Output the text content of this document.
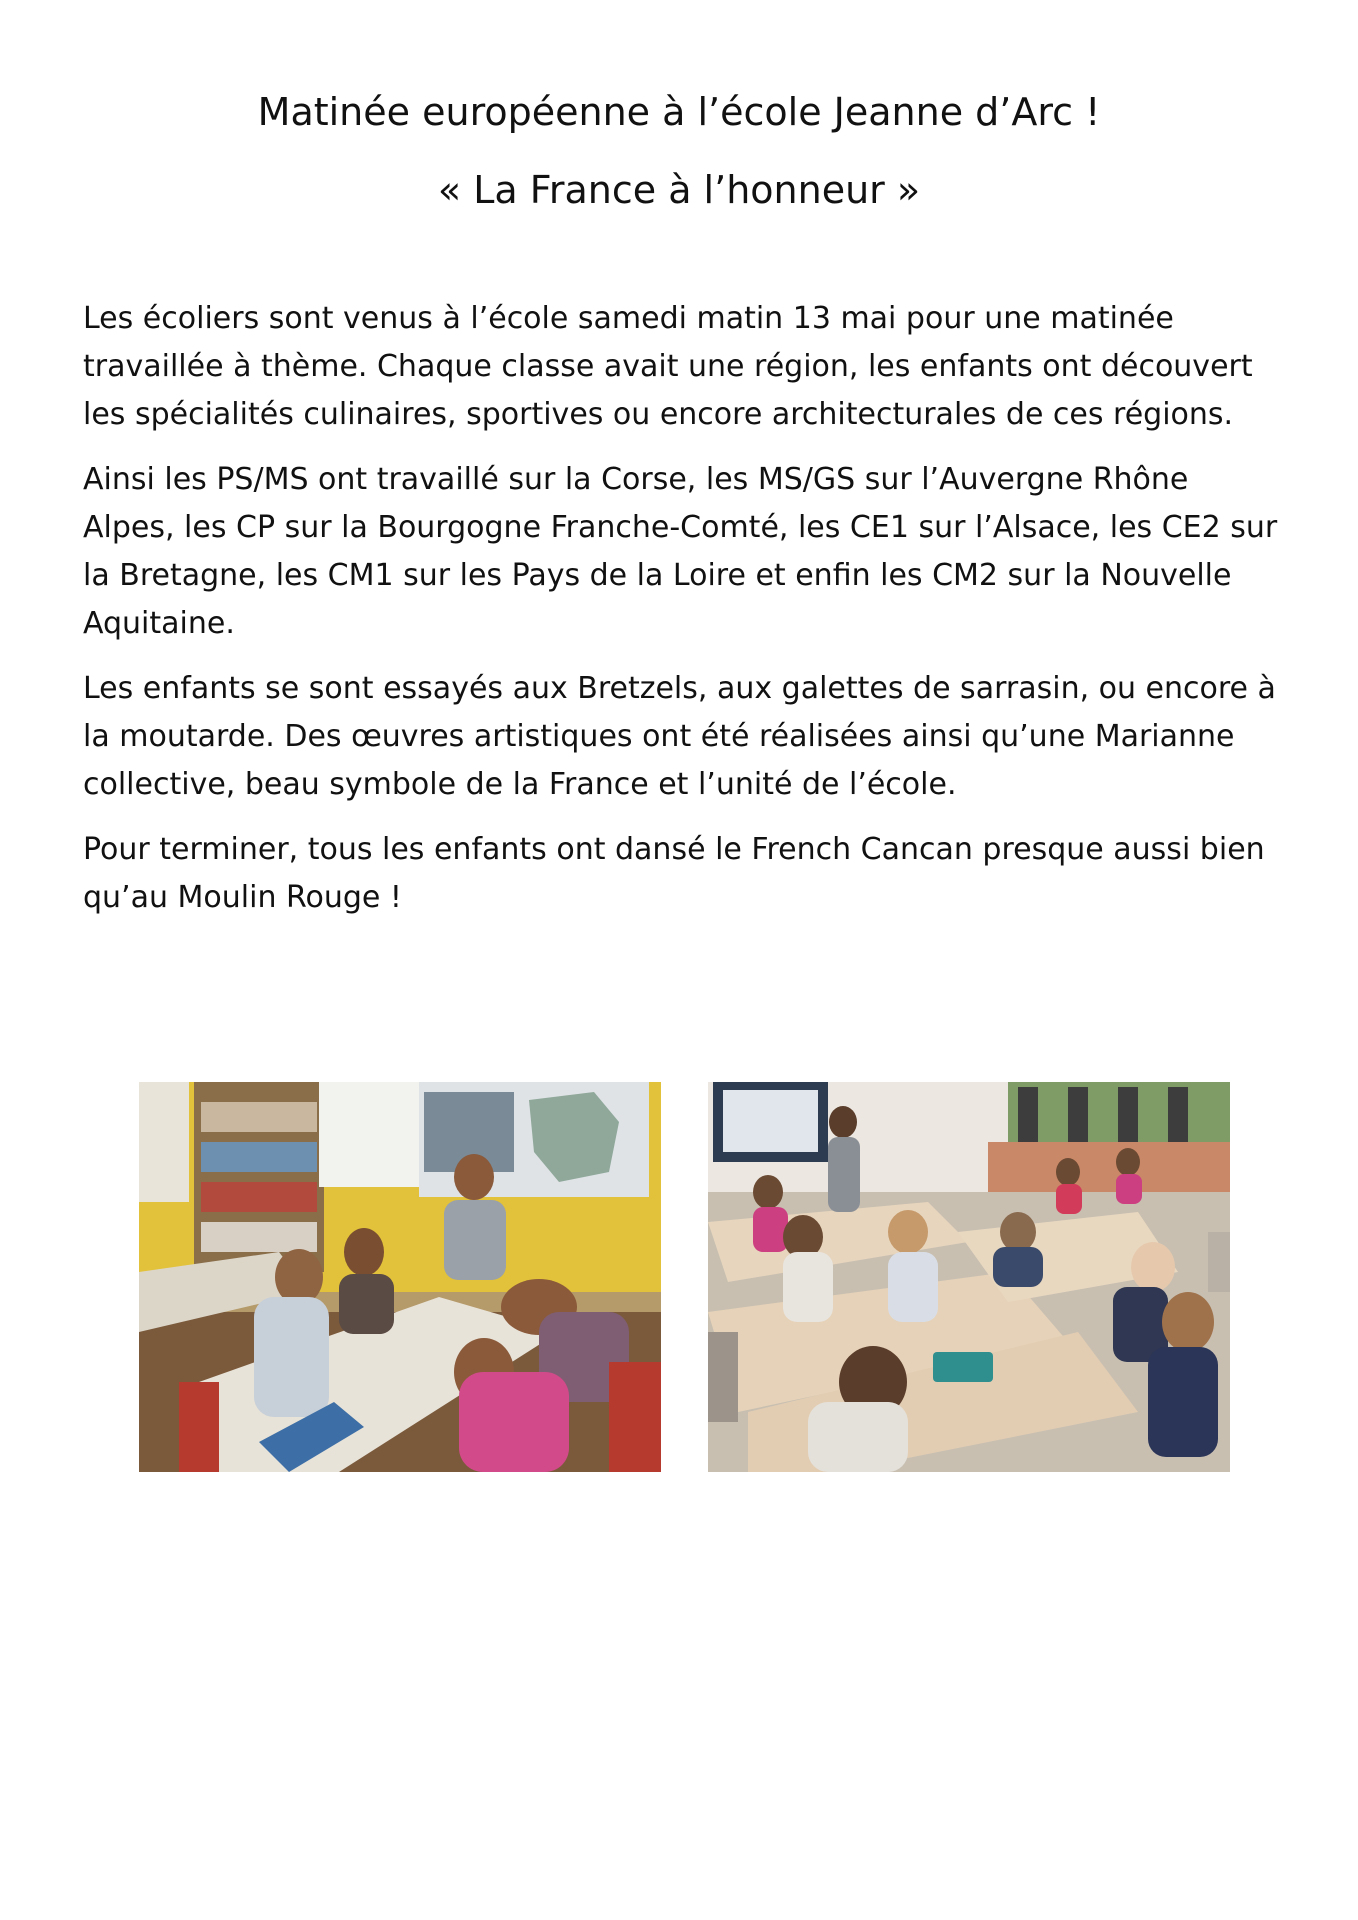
Matinée européenne à l’école Jeanne d’Arc !
« La France à l’honneur »

Les écoliers sont venus à l’école samedi matin 13 mai pour une matinée travaillée à thème. Chaque classe avait une région, les enfants ont découvert les spécialités culinaires, sportives ou encore architecturales de ces régions.

Ainsi les PS/MS ont travaillé sur la Corse, les MS/GS sur l’Auvergne Rhône Alpes, les CP sur la Bourgogne Franche-Comté, les CE1 sur l’Alsace, les CE2 sur la Bretagne, les CM1 sur les Pays de la Loire et enfin les CM2 sur la Nouvelle Aquitaine.

Les enfants se sont essayés aux Bretzels, aux galettes de sarrasin, ou encore à la moutarde. Des œuvres artistiques ont été réalisées ainsi qu’une Marianne collective, beau symbole de la France et l’unité de l’école.

Pour terminer, tous les enfants ont dansé le French Cancan presque aussi bien qu’au Moulin Rouge !
